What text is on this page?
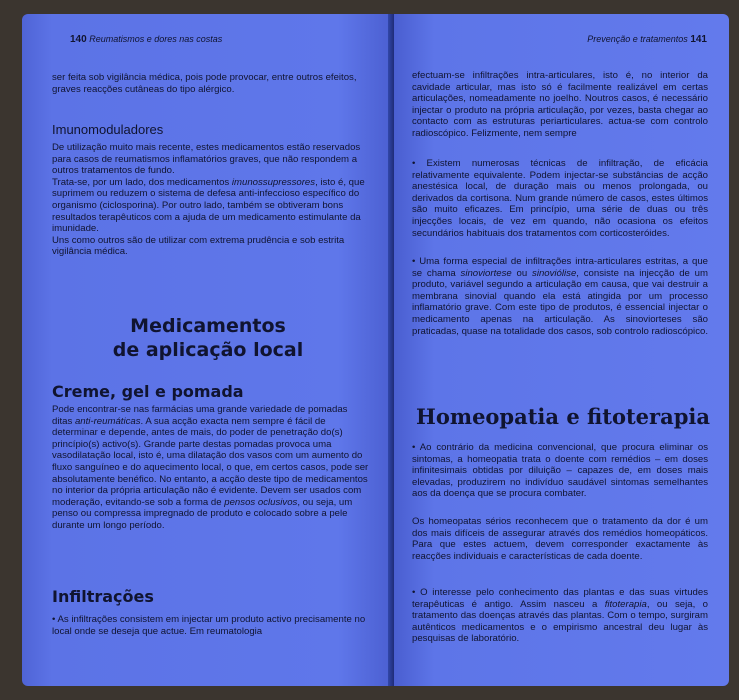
140 Reumatismos e dores nas costas
ser feita sob vigilância médica, pois pode provocar, entre outros efeitos, graves reacções cutâneas do tipo alérgico.
Imunomoduladores

De utilização muito mais recente, estes medicamentos estão reservados para casos de reumatismos inflamatórios graves, que não respondem a outros tratamentos de fundo.

Trata-se, por um lado, dos medicamentos imunossupressores, isto é, que suprimem ou reduzem o sistema de defesa anti-infeccioso específico do organismo (ciclosporina). Por outro lado, também se obtiveram bons resultados terapêuticos com a ajuda de um medicamento estimulante da imunidade.

Uns como outros são de utilizar com extrema prudência e sob estrita vigilância médica.

Medicamentos
de aplicação local
Creme, gel e pomada
Pode encontrar-se nas farmácias uma grande variedade de pomadas ditas anti-reumáticas. A sua acção exacta nem sempre é fácil de determinar e depende, antes de mais, do poder de penetração do(s) princípio(s) activo(s). Grande parte destas pomadas provoca uma vasodilatação local, isto é, uma dilatação dos vasos com um aumento do fluxo sanguíneo e do aquecimento local, o que, em certos casos, pode ser absolutamente benéfico. No entanto, a acção deste tipo de medicamentos no interior da própria articulação não é evidente. Devem ser usados com moderação, evitando-se sob a forma de pensos oclusivos, ou seja, um penso ou compressa impregnado de produto e colocado sobre a pele durante um longo período.
Infiltrações
• As infiltrações consistem em injectar um produto activo precisamente no local onde se deseja que actue. Em reumatologia
Prevenção e tratamentos 141
efectuam-se infiltrações intra-articulares, isto é, no interior da cavidade articular, mas isto só é facilmente realizável em certas articulações, nomeadamente no joelho. Noutros casos, é necessário injectar o produto na própria articulação, por vezes, basta chegar ao contacto com as estruturas periarticulares. actua-se com controlo radioscópico. Felizmente, nem sempre
• Existem numerosas técnicas de infiltração, de eficácia relativamente equivalente. Podem injectar-se substâncias de acção anestésica local, de duração mais ou menos prolongada, ou derivados da cortisona. Num grande número de casos, estes últimos são muito eficazes. Em princípio, uma série de duas ou três injecções locais, de vez em quando, não ocasiona os efeitos secundários habituais dos tratamentos com corticosteróides.
• Uma forma especial de infiltrações intra-articulares estritas, a que se chama sinoviortese ou sinoviólise, consiste na injecção de um produto, variável segundo a articulação em causa, que vai destruir a membrana sinovial quando ela está atingida por um processo inflamatório grave. Com este tipo de produtos, é essencial injectar o medicamento apenas na articulação. As sinoviorteses são praticadas, quase na totalidade dos casos, sob controlo radioscópico.
Homeopatia e fitoterapia
• Ao contrário da medicina convencional, que procura eliminar os sintomas, a homeopatia trata o doente com remédios – em doses infinitesimais obtidas por diluição – capazes de, em doses mais elevadas, produzirem no indivíduo saudável sintomas semelhantes aos da doença que se procura combater.
Os homeopatas sérios reconhecem que o tratamento da dor é um dos mais difíceis de assegurar através dos remédios homeopáticos. Para que estes actuem, devem corresponder exactamente às reacções individuais e características de cada doente.
• O interesse pelo conhecimento das plantas e das suas virtudes terapêuticas é antigo. Assim nasceu a fitoterapia, ou seja, o tratamento das doenças através das plantas. Com o tempo, surgiram autênticos medicamentos e o empirismo ancestral deu lugar às pesquisas de laboratório.
